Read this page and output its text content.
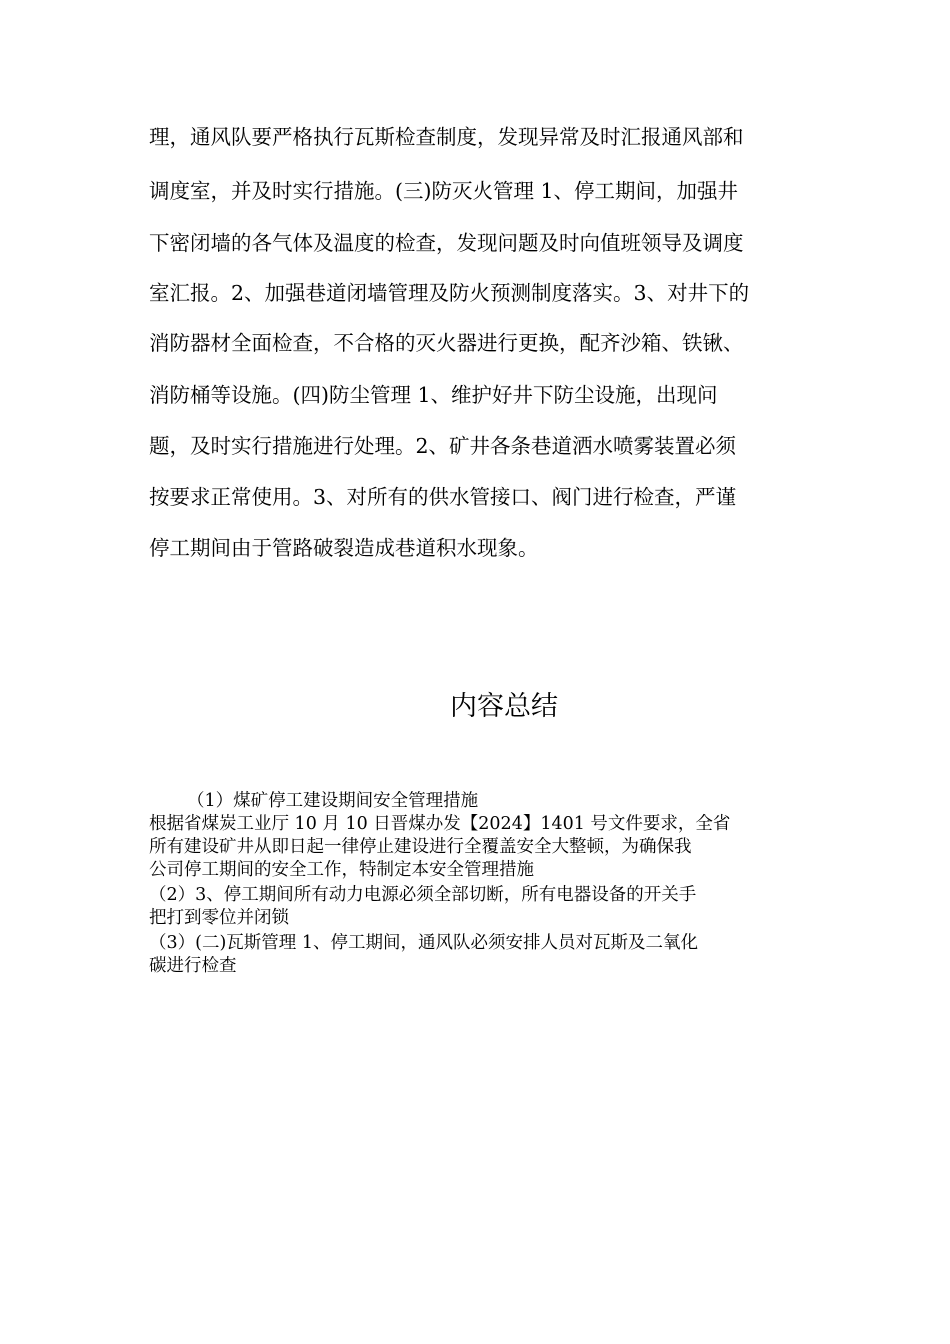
理，通风队要严格执行瓦斯检查制度，发现异常及时汇报通风部和
调度室，并及时实行措施。(三)防灭火管理 1、停工期间，加强井
下密闭墙的各气体及温度的检查，发现问题及时向值班领导及调度
室汇报。2、加强巷道闭墙管理及防火预测制度落实。3、对井下的
消防器材全面检查，不合格的灭火器进行更换，配齐沙箱、铁锹、
消防桶等设施。(四)防尘管理 1、维护好井下防尘设施，出现问
题，及时实行措施进行处理。2、矿井各条巷道洒水喷雾装置必须
按要求正常使用。3、对所有的供水管接口、阀门进行检查，严谨
停工期间由于管路破裂造成巷道积水现象。
内容总结
（1）煤矿停工建设期间安全管理措施
根据省煤炭工业厅 10 月 10 日晋煤办发【2024】1401 号文件要求，全省
所有建设矿井从即日起一律停止建设进行全覆盖安全大整顿，为确保我
公司停工期间的安全工作，特制定本安全管理措施
（2）3、停工期间所有动力电源必须全部切断，所有电器设备的开关手
把打到零位并闭锁
（3）(二)瓦斯管理 1、停工期间，通风队必须安排人员对瓦斯及二氧化
碳进行检查
